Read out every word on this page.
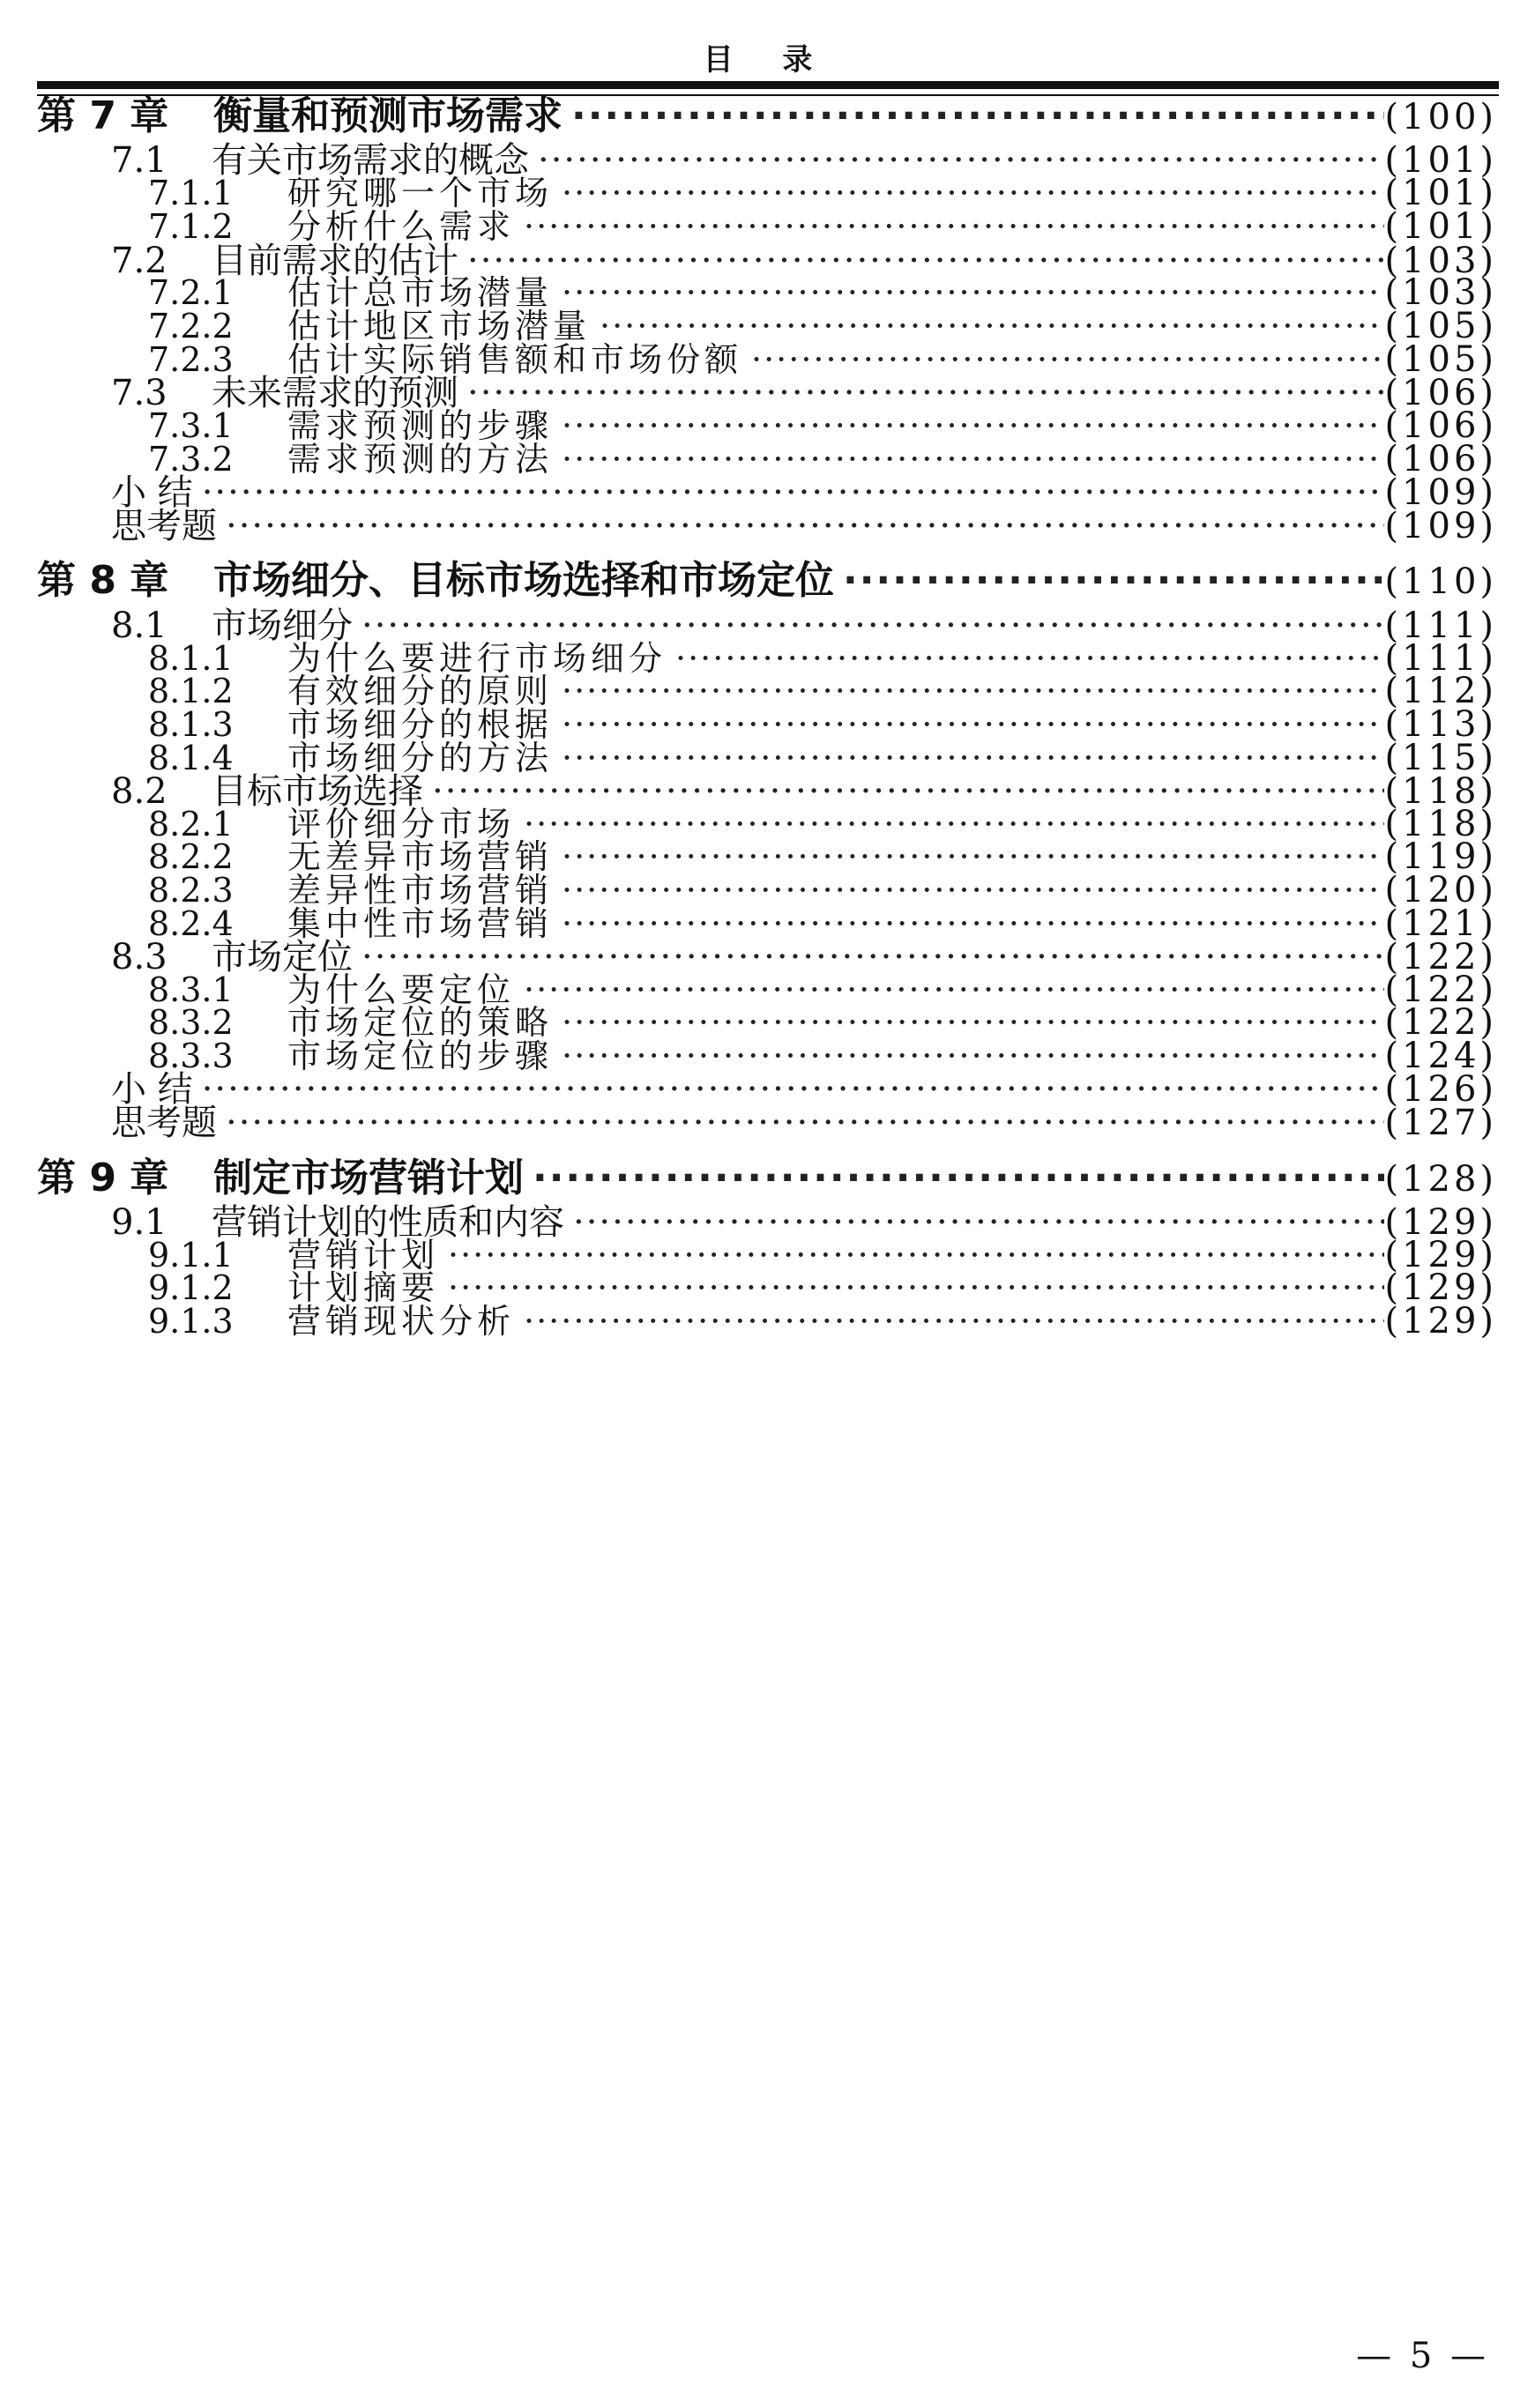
目 录
第 7 章	衡量和预测市场需求 ·····	(100)
7.1	有关市场需求的概念 ·····	(101)
7.1.1	研究哪一个市场 ·····	(101)
7.1.2	分析什么需求 ·····	(101)
7.2	目前需求的估计 ·····	(103)
7.2.1	估计总市场潜量 ·····	(103)
7.2.2	估计地区市场潜量 ·····	(105)
7.2.3	估计实际销售额和市场份额 ·····	(105)
7.3	未来需求的预测 ·····	(106)
7.3.1	需求预测的步骤 ·····	(106)
7.3.2	需求预测的方法 ·····	(106)
小 结 ·····	(109)
思考题 ·····	(109)
第 8 章	市场细分、目标市场选择和市场定位 ·····	(110)
8.1	市场细分 ·····	(111)
8.1.1	为什么要进行市场细分 ·····	(111)
8.1.2	有效细分的原则 ·····	(112)
8.1.3	市场细分的根据 ·····	(113)
8.1.4	市场细分的方法 ·····	(115)
8.2	目标市场选择 ·····	(118)
8.2.1	评价细分市场 ·····	(118)
8.2.2	无差异市场营销 ·····	(119)
8.2.3	差异性市场营销 ·····	(120)
8.2.4	集中性市场营销 ·····	(121)
8.3	市场定位 ·····	(122)
8.3.1	为什么要定位 ·····	(122)
8.3.2	市场定位的策略 ·····	(122)
8.3.3	市场定位的步骤 ·····	(124)
小 结 ·····	(126)
思考题 ·····	(127)
第 9 章	制定市场营销计划 ·····	(128)
9.1	营销计划的性质和内容 ·····	(129)
9.1.1	营销计划 ·····	(129)
9.1.2	计划摘要 ·····	(129)
9.1.3	营销现状分析 ·····	(129)
— 5 —
